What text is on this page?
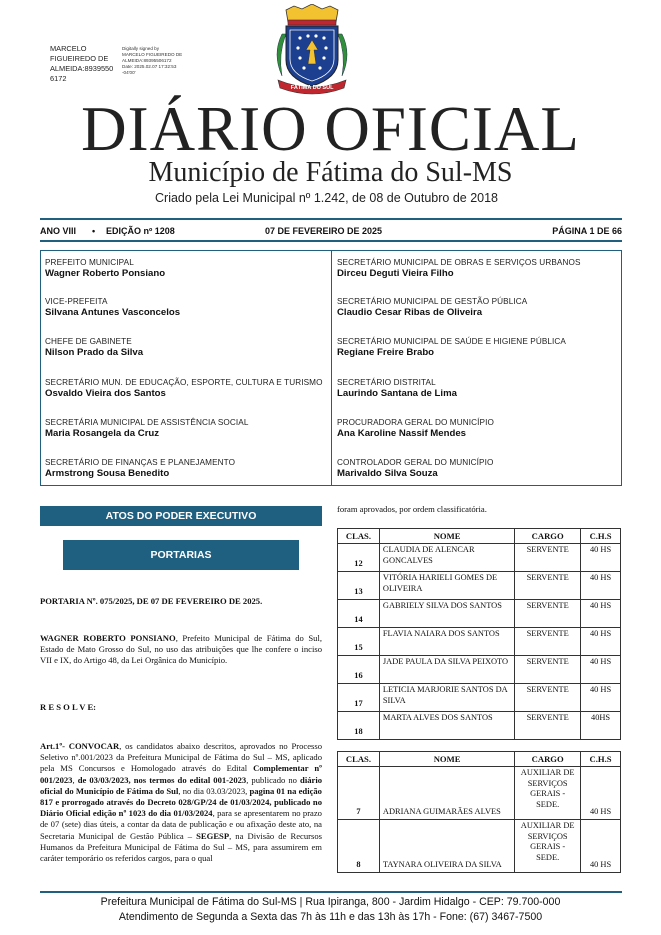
MARCELO
FIGUEIREDO DE
ALMEIDA:8939550
6172
Digitally signed by
MARCELO FIGUEIREDO DE
ALMEIDA:89395506172
Date: 2025.02.07 17:32:53
-04'00'
FÁTIMA DO SUL
DIÁRIO OFICIAL
Município de Fátima do Sul-MS
Criado pela Lei Municipal nº 1.242, de 08 de Outubro de 2018
ANO VIII • EDIÇÃO nº 1208	07 DE FEVEREIRO DE 2025	PÁGINA 1 DE 66
PREFEITO MUNICIPAL
Wagner Roberto Ponsiano
VICE-PREFEITA
Silvana Antunes Vasconcelos
CHEFE DE GABINETE
Nilson Prado da Silva
SECRETÁRIO MUN. DE EDUCAÇÃO, ESPORTE, CULTURA E TURISMO
Osvaldo Vieira dos Santos
SECRETÁRIA MUNICIPAL DE ASSISTÊNCIA SOCIAL
Maria Rosangela da Cruz
SECRETÁRIO DE FINANÇAS E PLANEJAMENTO
Armstrong Sousa Benedito
SECRETÁRIO MUNICIPAL DE OBRAS E SERVIÇOS URBANOS
Dirceu Deguti Vieira Filho
SECRETÁRIO MUNICIPAL DE GESTÃO PÚBLICA
Claudio Cesar Ribas de Oliveira
SECRETÁRIO MUNICIPAL DE SAÚDE E HIGIENE PÚBLICA
Regiane Freire Brabo
SECRETÁRIO DISTRITAL
Laurindo Santana de Lima
PROCURADORA GERAL DO MUNICÍPIO
Ana Karoline Nassif Mendes
CONTROLADOR GERAL DO MUNICÍPIO
Marivaldo Silva Souza
ATOS DO PODER EXECUTIVO
PORTARIAS
PORTARIA Nº. 075/2025, DE 07 DE FEVEREIRO DE 2025.
WAGNER ROBERTO PONSIANO, Prefeito Municipal de Fátima do Sul, Estado de Mato Grosso do Sul, no uso das atribuições que lhe confere o inciso VII e IX, do Artigo 48, da Lei Orgânica do Município.
R E S O L V E:
Art.1º- CONVOCAR, os candidatos abaixo descritos, aprovados no Processo Seletivo nº.001/2023 da Prefeitura Municipal de Fátima do Sul – MS, aplicado pela MS Concursos e Homologado através do Edital Complementar nº 001/2023, de 03/03/2023, nos termos do edital 001-2023, publicado no diário oficial do Município de Fátima do Sul, no dia 03.03/2023, pagina 01 na edição 817 e prorrogado através do Decreto 028/GP/24 de 01/03/2024, publicado no Diário Oficial edição nº 1023 do dia 01/03/2024, para se apresentarem no prazo de 07 (sete) dias úteis, a contar da data de publicação e ou afixação deste ato, na Secretaria Municipal de Gestão Pública – SEGESP, na Divisão de Recursos Humanos da Prefeitura Municipal de Fátima do Sul – MS, para assumirem em caráter temporário os referidos cargos, para o qual
foram aprovados, por ordem classificatória.
CLAS.	NOME	CARGO	C.H.S
12	CLAUDIA DE ALENCAR GONCALVES	SERVENTE	40 HS
13	VITÓRIA HARIELI GOMES DE OLIVEIRA	SERVENTE	40 HS
14	GABRIELY SILVA DOS SANTOS	SERVENTE	40 HS
15	FLAVIA NAIARA DOS SANTOS	SERVENTE	40 HS
16	JADE PAULA DA SILVA PEIXOTO	SERVENTE	40 HS
17	LETICIA MARJORIE SANTOS DA SILVA	SERVENTE	40 HS
18	MARTA ALVES DOS SANTOS	SERVENTE	40HS
CLAS.	NOME	CARGO	C.H.S
7	ADRIANA GUIMARÃES ALVES	AUXILIAR DE SERVIÇOS GERAIS - SEDE.	40 HS
8	TAYNARA OLIVEIRA DA SILVA	AUXILIAR DE SERVIÇOS GERAIS - SEDE.	40 HS
Prefeitura Municipal de Fátima do Sul-MS | Rua Ipiranga, 800 - Jardim Hidalgo - CEP: 79.700-000
Atendimento de Segunda a Sexta das 7h às 11h e das 13h às 17h - Fone: (67) 3467-7500
